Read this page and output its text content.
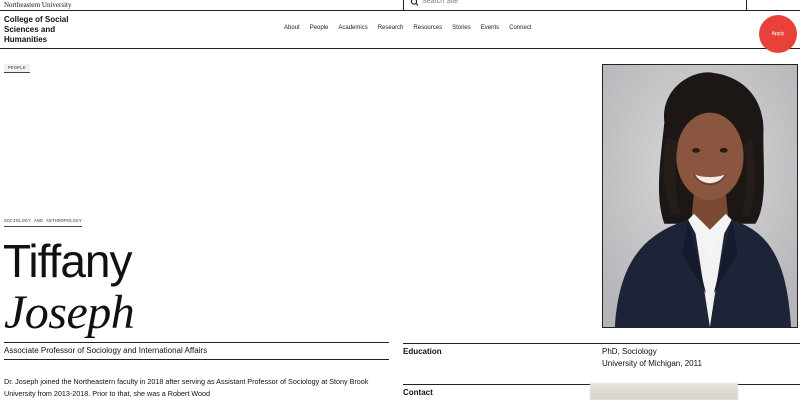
Northeastern University
Search Site
College of Social
Sciences and
Humanities
About People Academics Research Resources Stories Events Connect
Apply
PEOPLE
SOCIOLOGY AND ANTHROPOLOGY
Tiffany
Joseph
Associate Professor of Sociology and International Affairs

Dr. Joseph joined the Northeastern faculty in 2018 after serving as Assistant Professor of Sociology at Stony Brook University from 2013-2018. Prior to that, she was a Robert Wood

Education	PhD, Sociology
University of Michigan, 2011
Contact
